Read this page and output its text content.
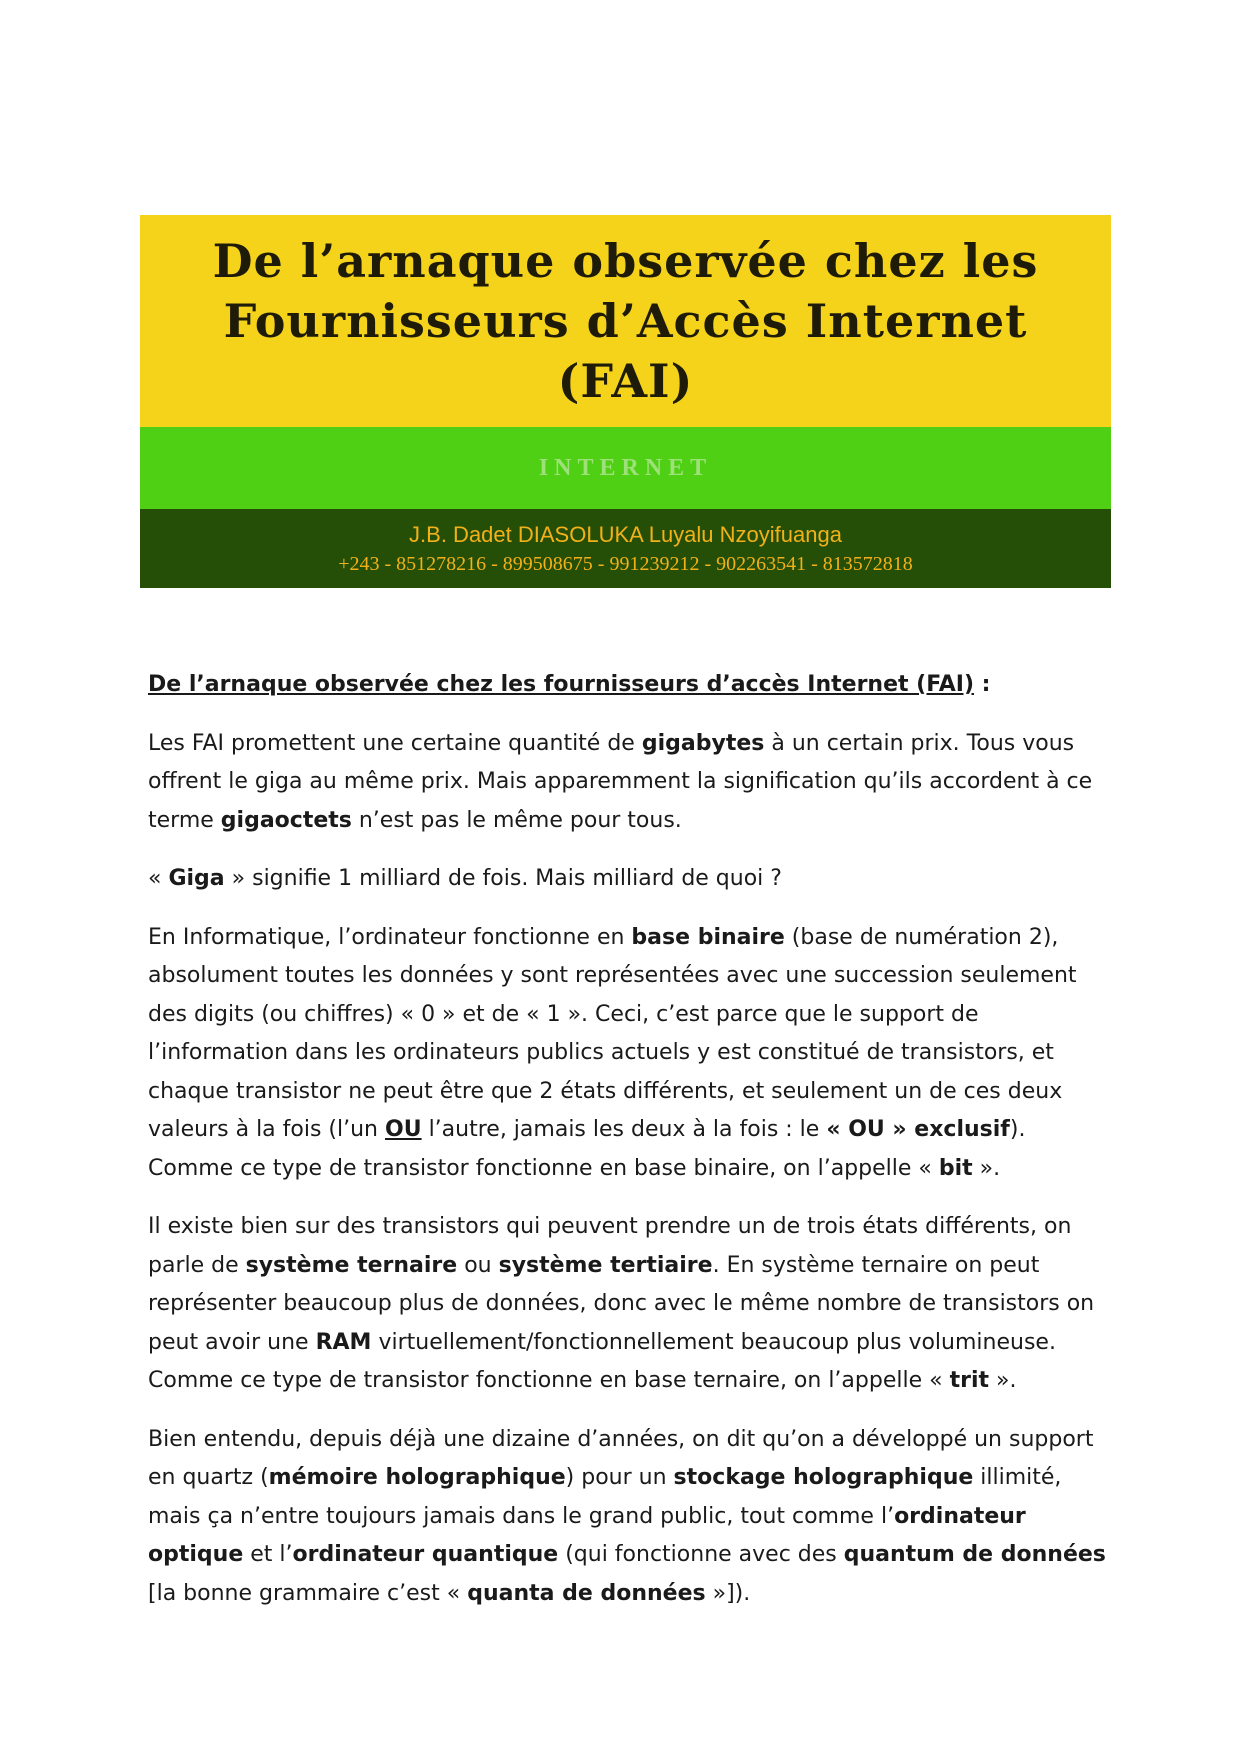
De l’arnaque observée chez les Fournisseurs d’Accès Internet (FAI)
INTERNET
J.B. Dadet DIASOLUKA Luyalu Nzoyifuanga
+243 - 851278216 - 899508675 - 991239212 - 902263541 - 813572818

De l’arnaque observée chez les fournisseurs d’accès Internet (FAI) :

Les FAI promettent une certaine quantité de gigabytes à un certain prix. Tous vous offrent le giga au même prix. Mais apparemment la signification qu’ils accordent à ce terme gigaoctets n’est pas le même pour tous.

« Giga » signifie 1 milliard de fois. Mais milliard de quoi ?

En Informatique, l’ordinateur fonctionne en base binaire (base de numération 2), absolument toutes les données y sont représentées avec une succession seulement des digits (ou chiffres) « 0 » et de « 1 ». Ceci, c’est parce que le support de l’information dans les ordinateurs publics actuels y est constitué de transistors, et chaque transistor ne peut être que 2 états différents, et seulement un de ces deux valeurs à la fois (l’un OU l’autre, jamais les deux à la fois : le « OU » exclusif). Comme ce type de transistor fonctionne en base binaire, on l’appelle « bit ».

Il existe bien sur des transistors qui peuvent prendre un de trois états différents, on parle de système ternaire ou système tertiaire. En système ternaire on peut représenter beaucoup plus de données, donc avec le même nombre de transistors on peut avoir une RAM virtuellement/fonctionnellement beaucoup plus volumineuse. Comme ce type de transistor fonctionne en base ternaire, on l’appelle « trit ».

Bien entendu, depuis déjà une dizaine d’années, on dit qu’on a développé un support en quartz (mémoire holographique) pour un stockage holographique illimité, mais ça n’entre toujours jamais dans le grand public, tout comme l’ordinateur optique et l’ordinateur quantique (qui fonctionne avec des quantum de données [la bonne grammaire c’est « quanta de données »]).
